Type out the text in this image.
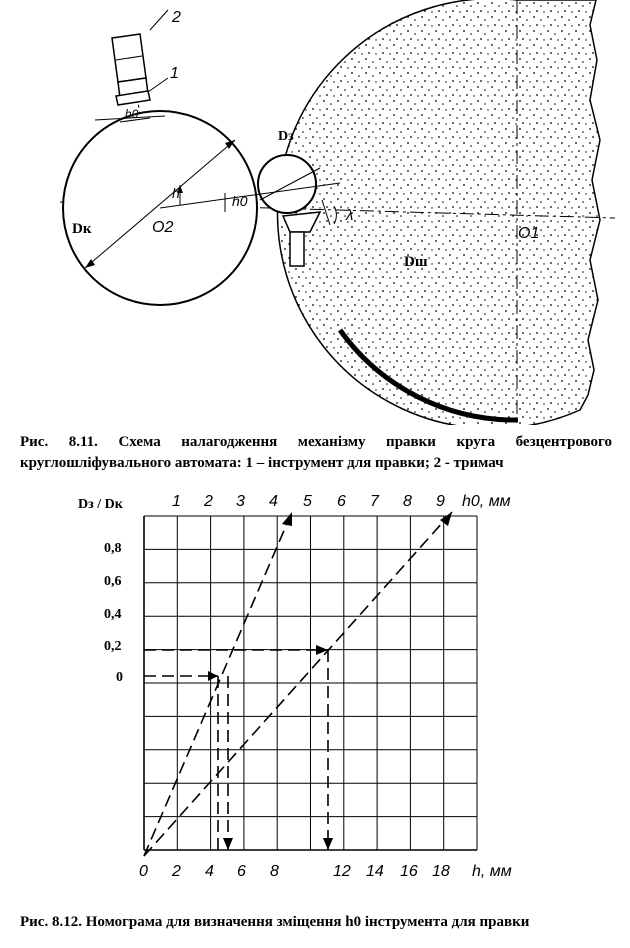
Dк	O2
h	h0
Dз
λ
O1
Dш
h0
1
2
Рис. 8.11. Схема налагодження механізму правки круга безцентрового круглошліфувального автомата: 1 – інструмент для правки; 2 - тримач
Dз / Dк	h0, мм
h, мм
0,8
0,6
0,4
0,2
0
1 2 3 4 5 6 7 8 9
0 2 4 6 8	12 14 16 18
Рис. 8.12. Номограма для визначення зміщення h0 інструмента для правки
